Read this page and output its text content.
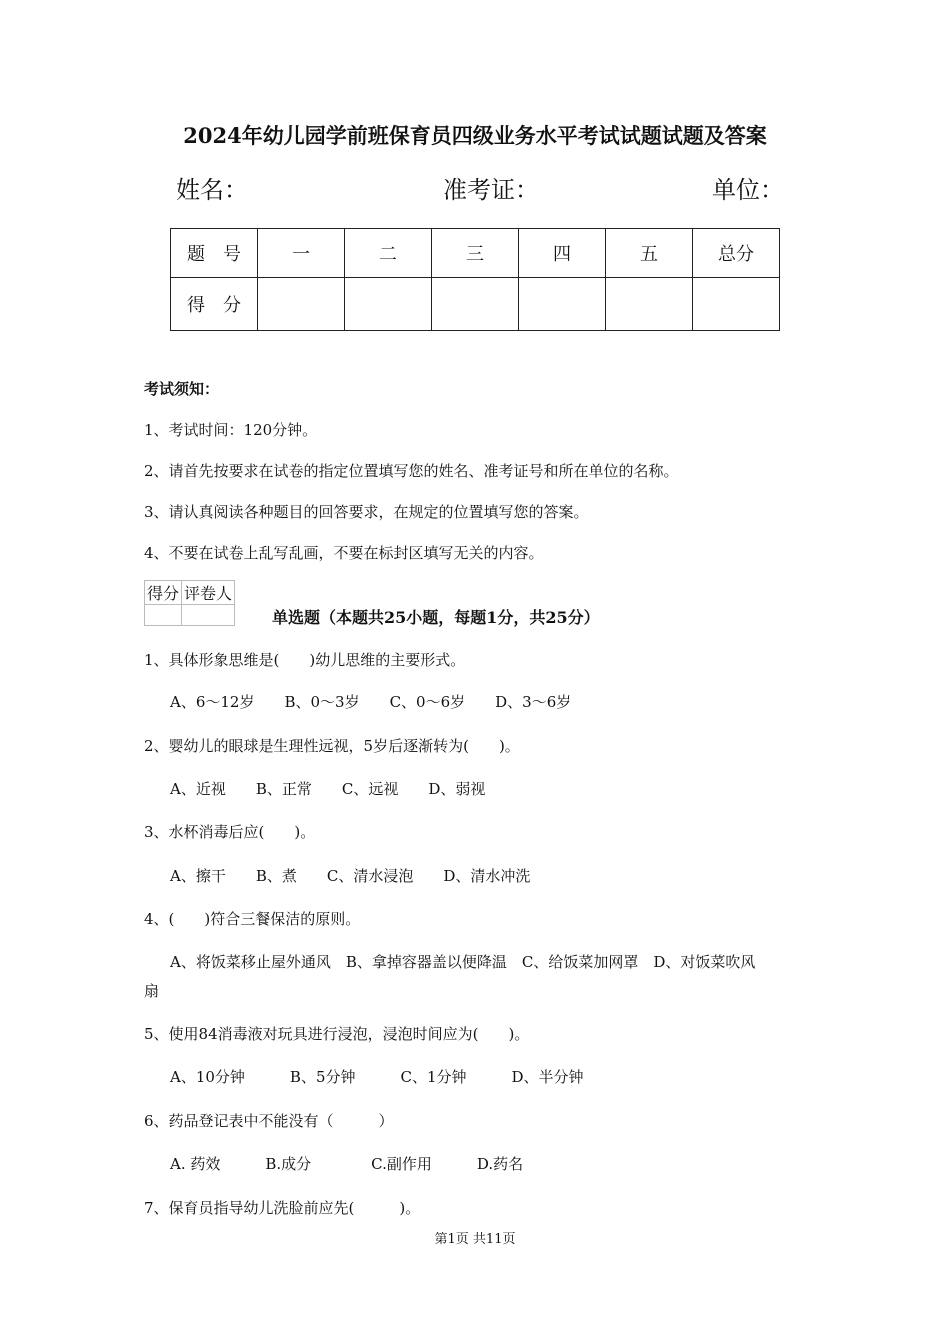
2024年幼儿园学前班保育员四级业务水平考试试题试题及答案
姓名：	准考证：	单位：
题　号	一	二	三	四	五	总分
得　分						
考试须知：
1、考试时间：120分钟。
2、请首先按要求在试卷的指定位置填写您的姓名、准考证号和所在单位的名称。
3、请认真阅读各种题目的回答要求，在规定的位置填写您的答案。
4、不要在试卷上乱写乱画，不要在标封区填写无关的内容。
得分	评卷人

单选题（本题共25小题，每题1分，共25分）
1、具体形象思维是(　　)幼儿思维的主要形式。
A、6～12岁　　B、0～3岁　　C、0～6岁　　D、3～6岁
2、婴幼儿的眼球是生理性远视，5岁后逐渐转为(　　)。
A、近视　　B、正常　　C、远视　　D、弱视
3、水杯消毒后应(　　)。
A、擦干　　B、煮　　C、清水浸泡　　D、清水冲洗
4、(　　)符合三餐保洁的原则。
A、将饭菜移止屋外通风　B、拿掉容器盖以便降温　C、给饭菜加网罩　D、对饭菜吹风
扇
5、使用84消毒液对玩具进行浸泡，浸泡时间应为(　　)。
A、10分钟　　　B、5分钟　　　C、1分钟　　　D、半分钟
6、药品登记表中不能没有（　　　）
A. 药效　　　B.成分　　　　C.副作用　　　D.药名
7、保育员指导幼儿洗脸前应先(　　　)。
第1页 共11页
